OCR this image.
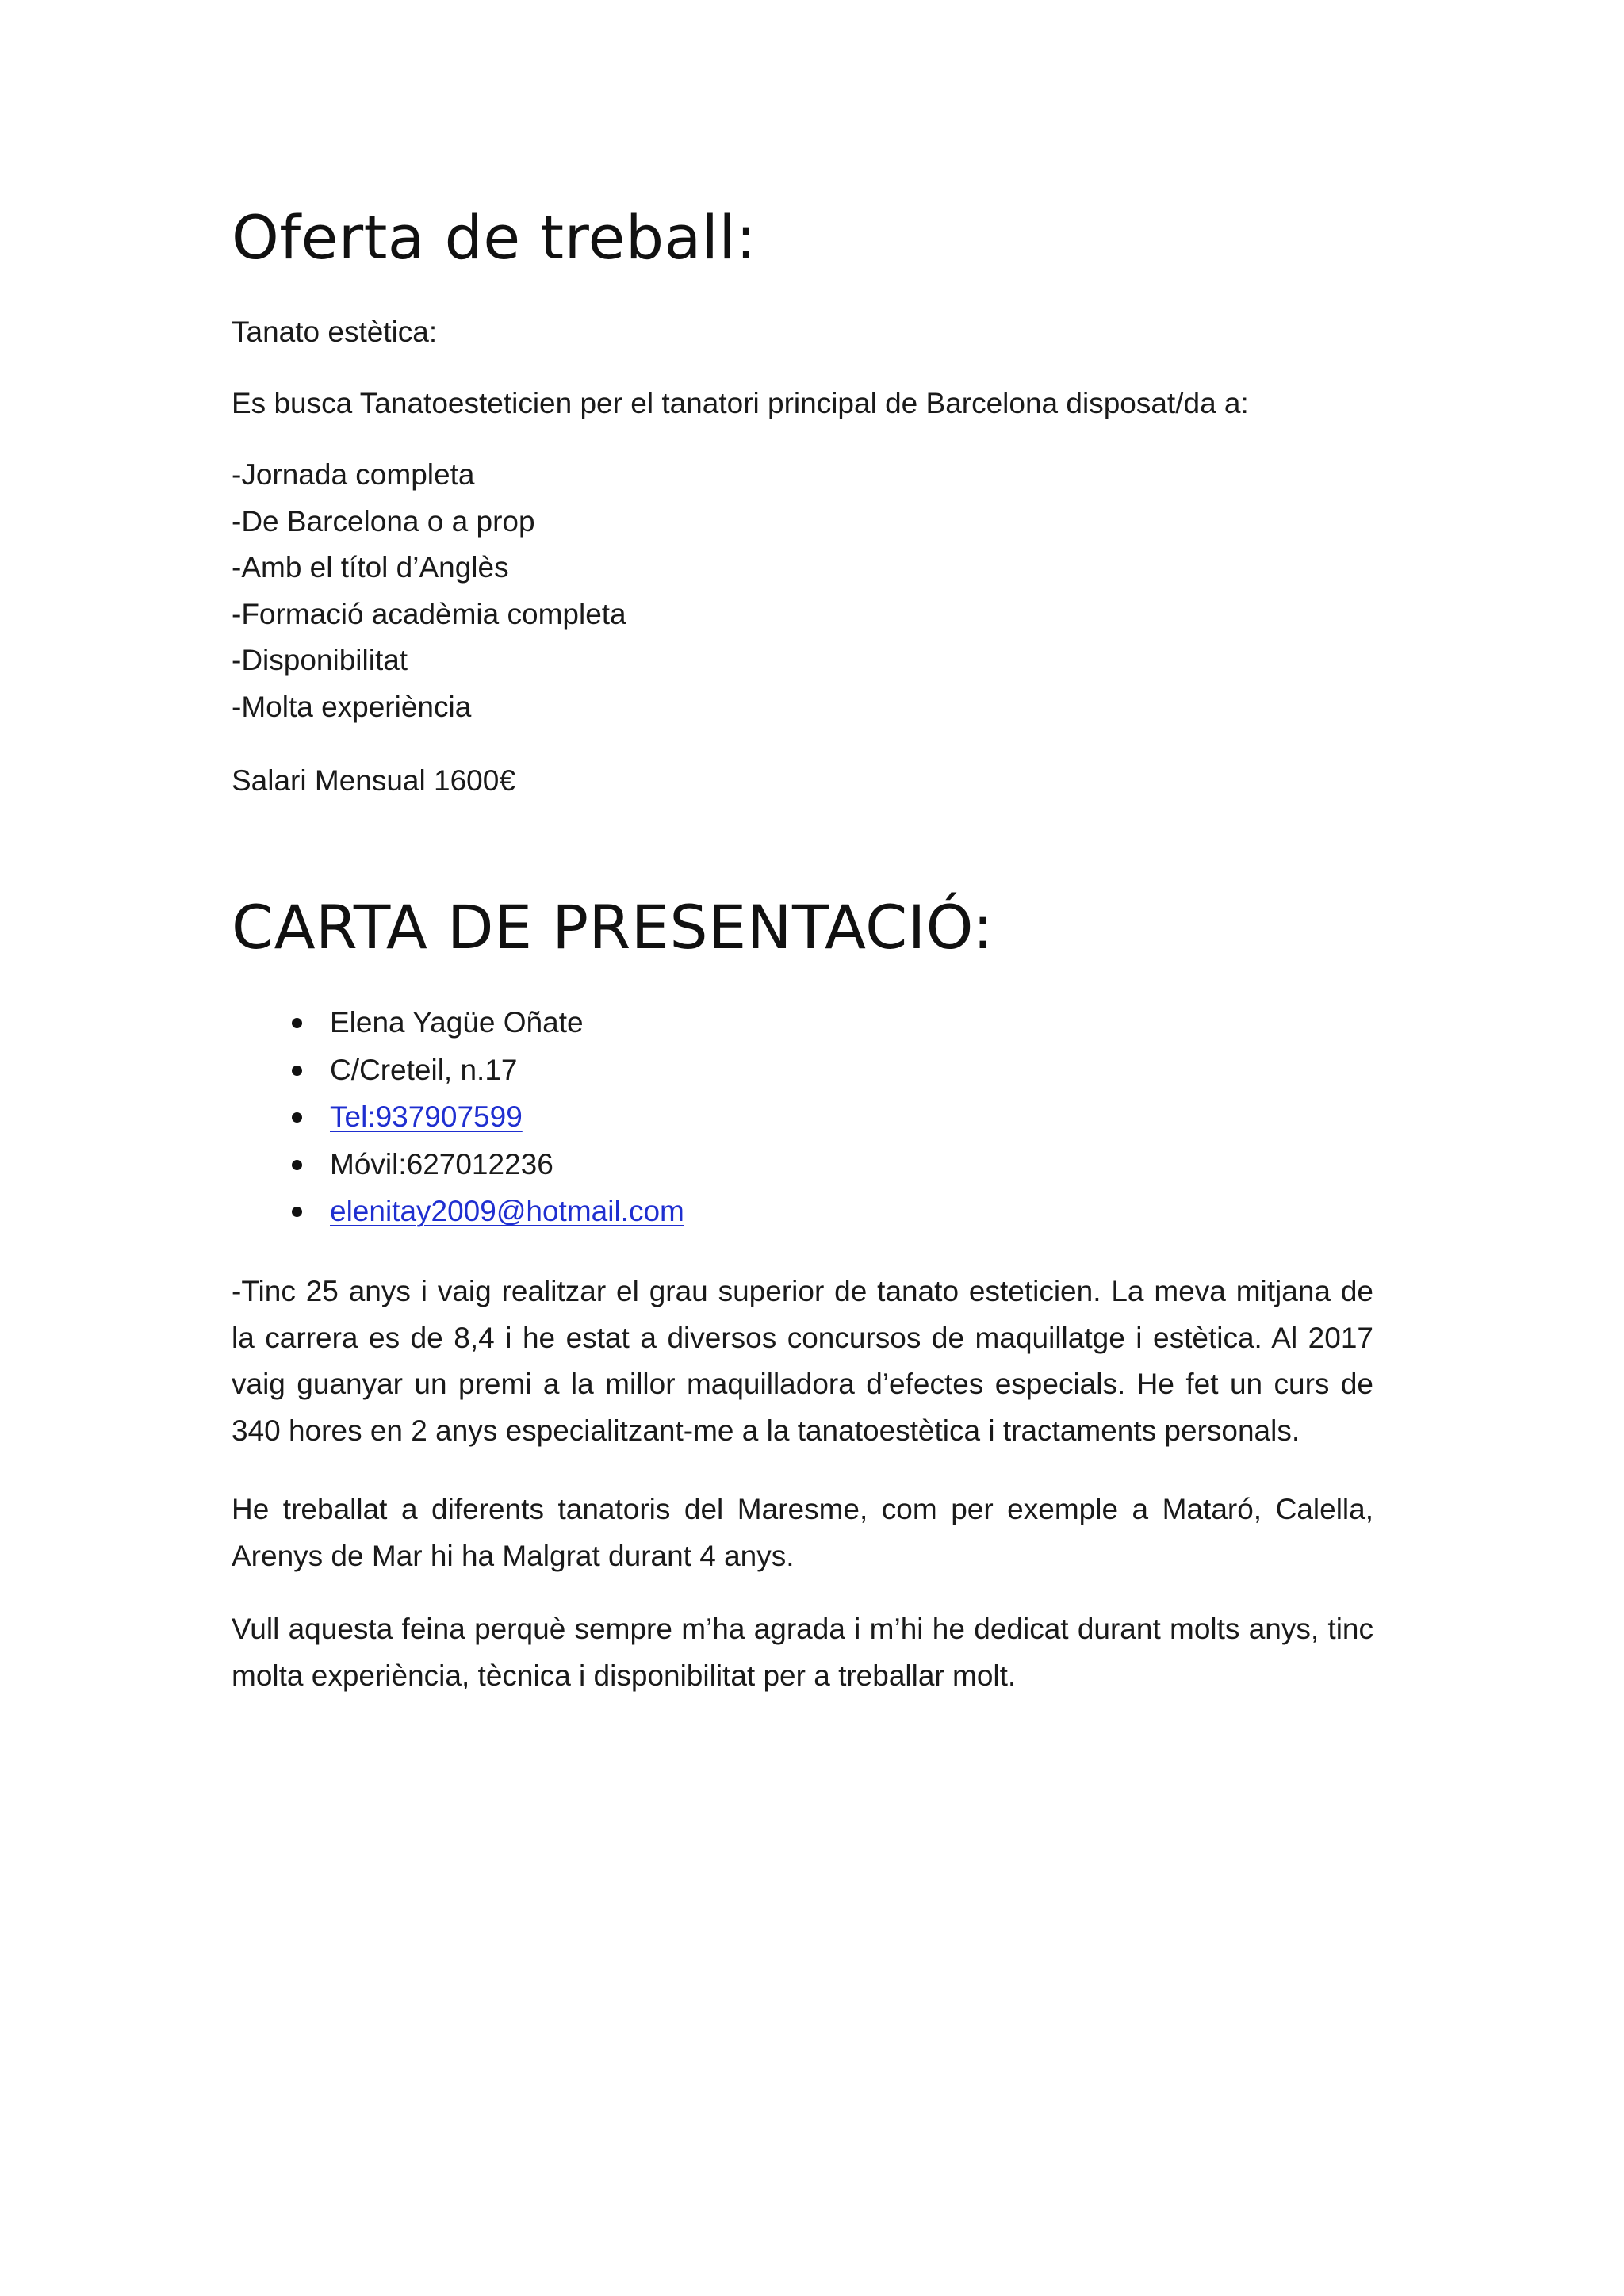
Oferta de treball:

Tanato estètica:

Es busca Tanatoesteticien per el tanatori principal de Barcelona disposat/da a:

-Jornada completa
-De Barcelona o a prop
-Amb el títol d’Anglès
-Formació acadèmia completa
-Disponibilitat
-Molta experiència

Salari Mensual 1600€

CARTA DE PRESENTACIÓ:
Elena Yagüe Oñate
C/Creteil, n.17
Tel:937907599
Móvil:627012236
elenitay2009@hotmail.com

-Tinc 25 anys i vaig realitzar el grau superior de tanato esteticien. La meva mitjana de la carrera es de 8,4 i he estat a diversos concursos de maquillatge i estètica. Al 2017 vaig guanyar un premi a la millor maquilladora d’efectes especials. He fet un curs de 340 hores en 2 anys especialitzant-me a la tanatoestètica i tractaments personals.

He treballat a diferents tanatoris del Maresme, com per exemple a Mataró, Calella, Arenys de Mar hi ha Malgrat durant 4 anys.

Vull aquesta feina perquè sempre m’ha agrada i m’hi he dedicat durant molts anys, tinc molta experiència, tècnica i disponibilitat per a treballar molt.
